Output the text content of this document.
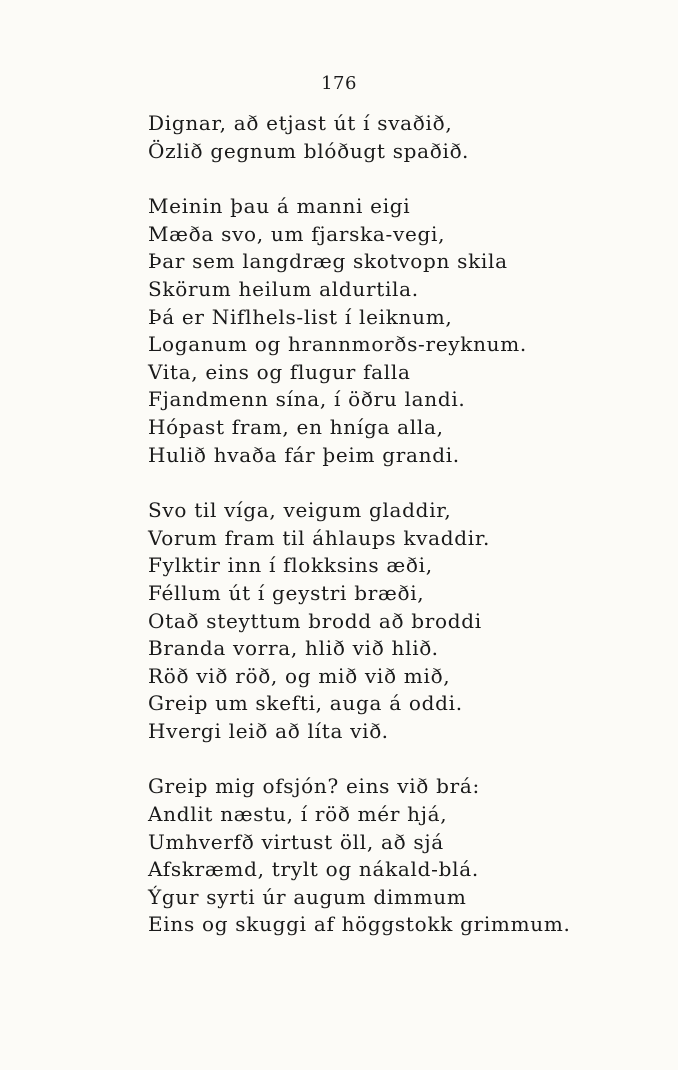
176
Dignar, að etjast út í svaðið,
Özlið gegnum blóðugt spaðið.
Meinin þau á manni eigi
Mæða svo, um fjarska-vegi,
Þar sem langdræg skotvopn skila
Skörum heilum aldurtila.
Þá er Niflhels-list í leiknum,
Loganum og hrannmorðs-reyknum.
Vita, eins og flugur falla
Fjandmenn sína, í öðru landi.
Hópast fram, en hníga alla,
Hulið hvaða fár þeim grandi.
Svo til víga, veigum gladdir,
Vorum fram til áhlaups kvaddir.
Fylktir inn í flokksins æði,
Féllum út í geystri bræði,
Otað steyttum brodd að broddi
Branda vorra, hlið við hlið.
Röð við röð, og mið við mið,
Greip um skefti, auga á oddi.
Hvergi leið að líta við.
Greip mig ofsjón? eins við brá:
Andlit næstu, í röð mér hjá,
Umhverfð virtust öll, að sjá
Afskræmd, trylt og nákald-blá.
Ýgur syrti úr augum dimmum
Eins og skuggi af höggstokk grimmum.
